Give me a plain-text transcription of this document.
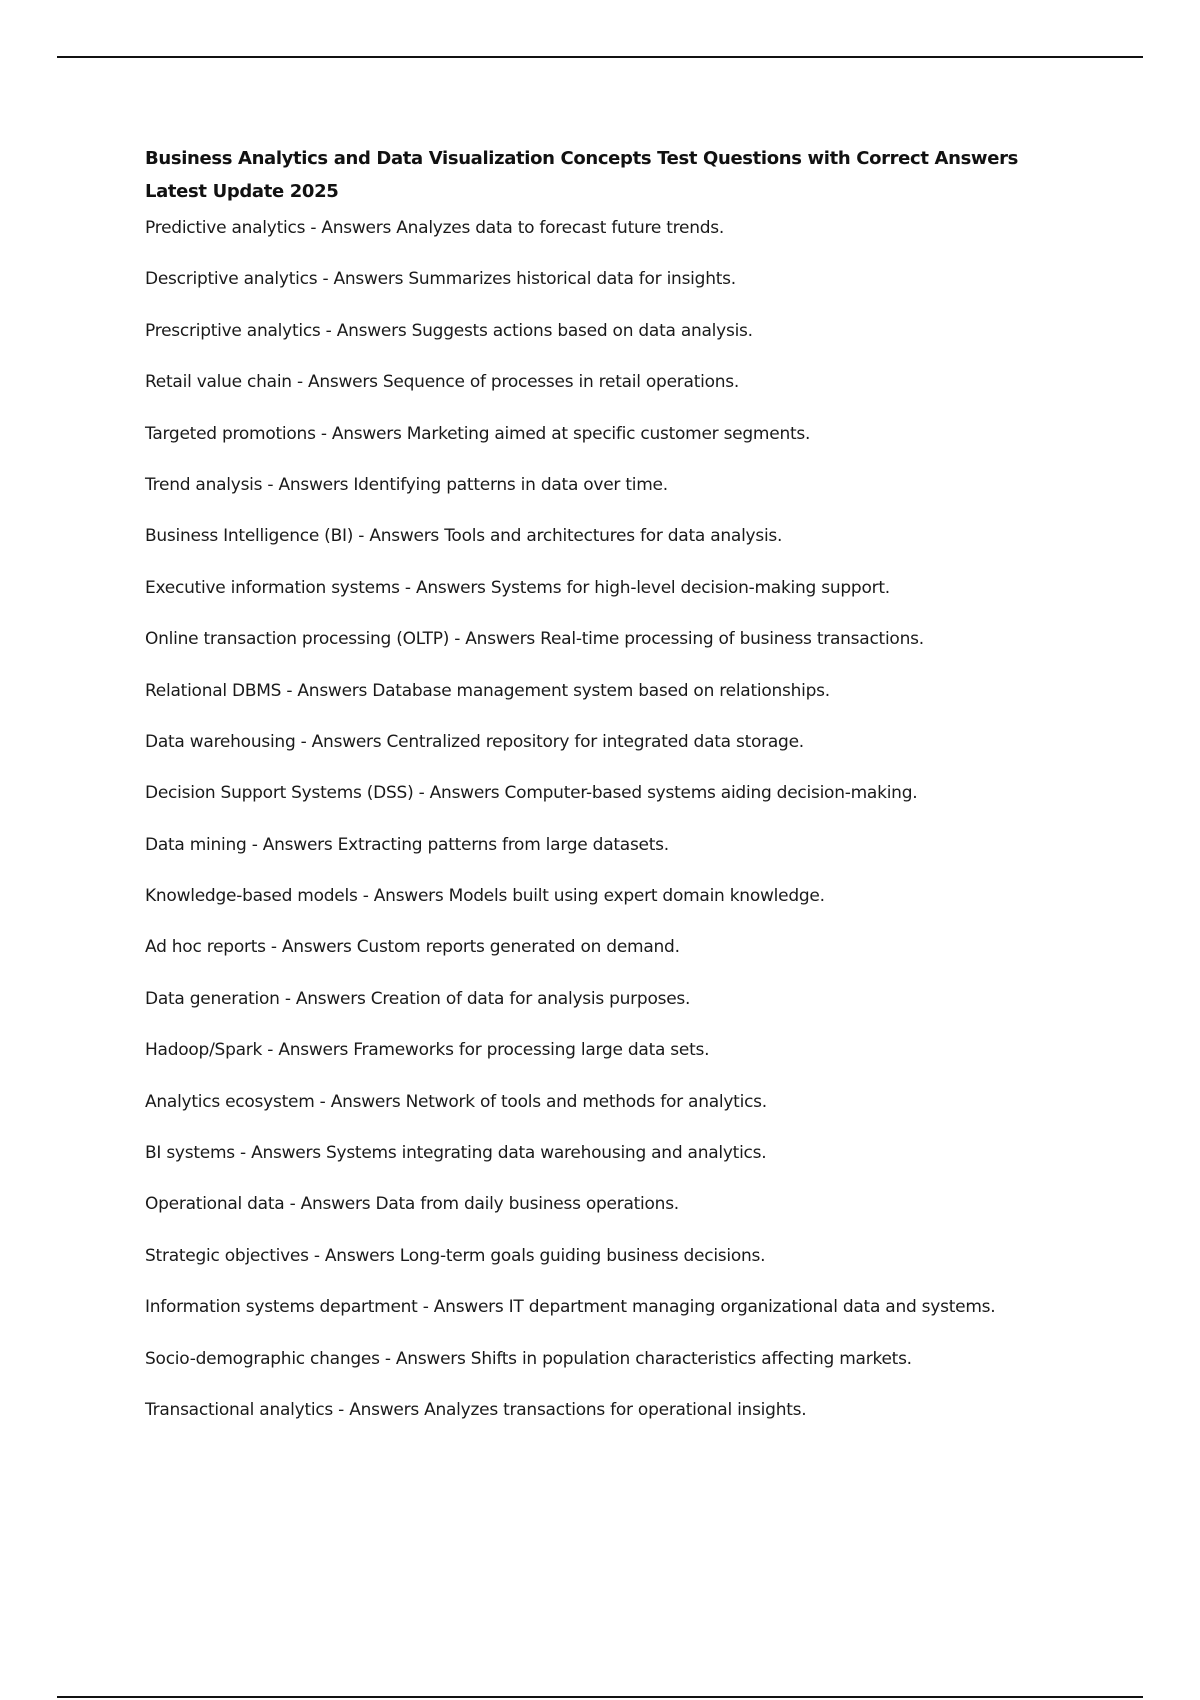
Business Analytics and Data Visualization Concepts Test Questions with Correct Answers Latest Update 2025
Predictive analytics - Answers Analyzes data to forecast future trends.
Descriptive analytics - Answers Summarizes historical data for insights.
Prescriptive analytics - Answers Suggests actions based on data analysis.
Retail value chain - Answers Sequence of processes in retail operations.
Targeted promotions - Answers Marketing aimed at specific customer segments.
Trend analysis - Answers Identifying patterns in data over time.
Business Intelligence (BI) - Answers Tools and architectures for data analysis.
Executive information systems - Answers Systems for high-level decision-making support.
Online transaction processing (OLTP) - Answers Real-time processing of business transactions.
Relational DBMS - Answers Database management system based on relationships.
Data warehousing - Answers Centralized repository for integrated data storage.
Decision Support Systems (DSS) - Answers Computer-based systems aiding decision-making.
Data mining - Answers Extracting patterns from large datasets.
Knowledge-based models - Answers Models built using expert domain knowledge.
Ad hoc reports - Answers Custom reports generated on demand.
Data generation - Answers Creation of data for analysis purposes.
Hadoop/Spark - Answers Frameworks for processing large data sets.
Analytics ecosystem - Answers Network of tools and methods for analytics.
BI systems - Answers Systems integrating data warehousing and analytics.
Operational data - Answers Data from daily business operations.
Strategic objectives - Answers Long-term goals guiding business decisions.
Information systems department - Answers IT department managing organizational data and systems.
Socio-demographic changes - Answers Shifts in population characteristics affecting markets.
Transactional analytics - Answers Analyzes transactions for operational insights.
